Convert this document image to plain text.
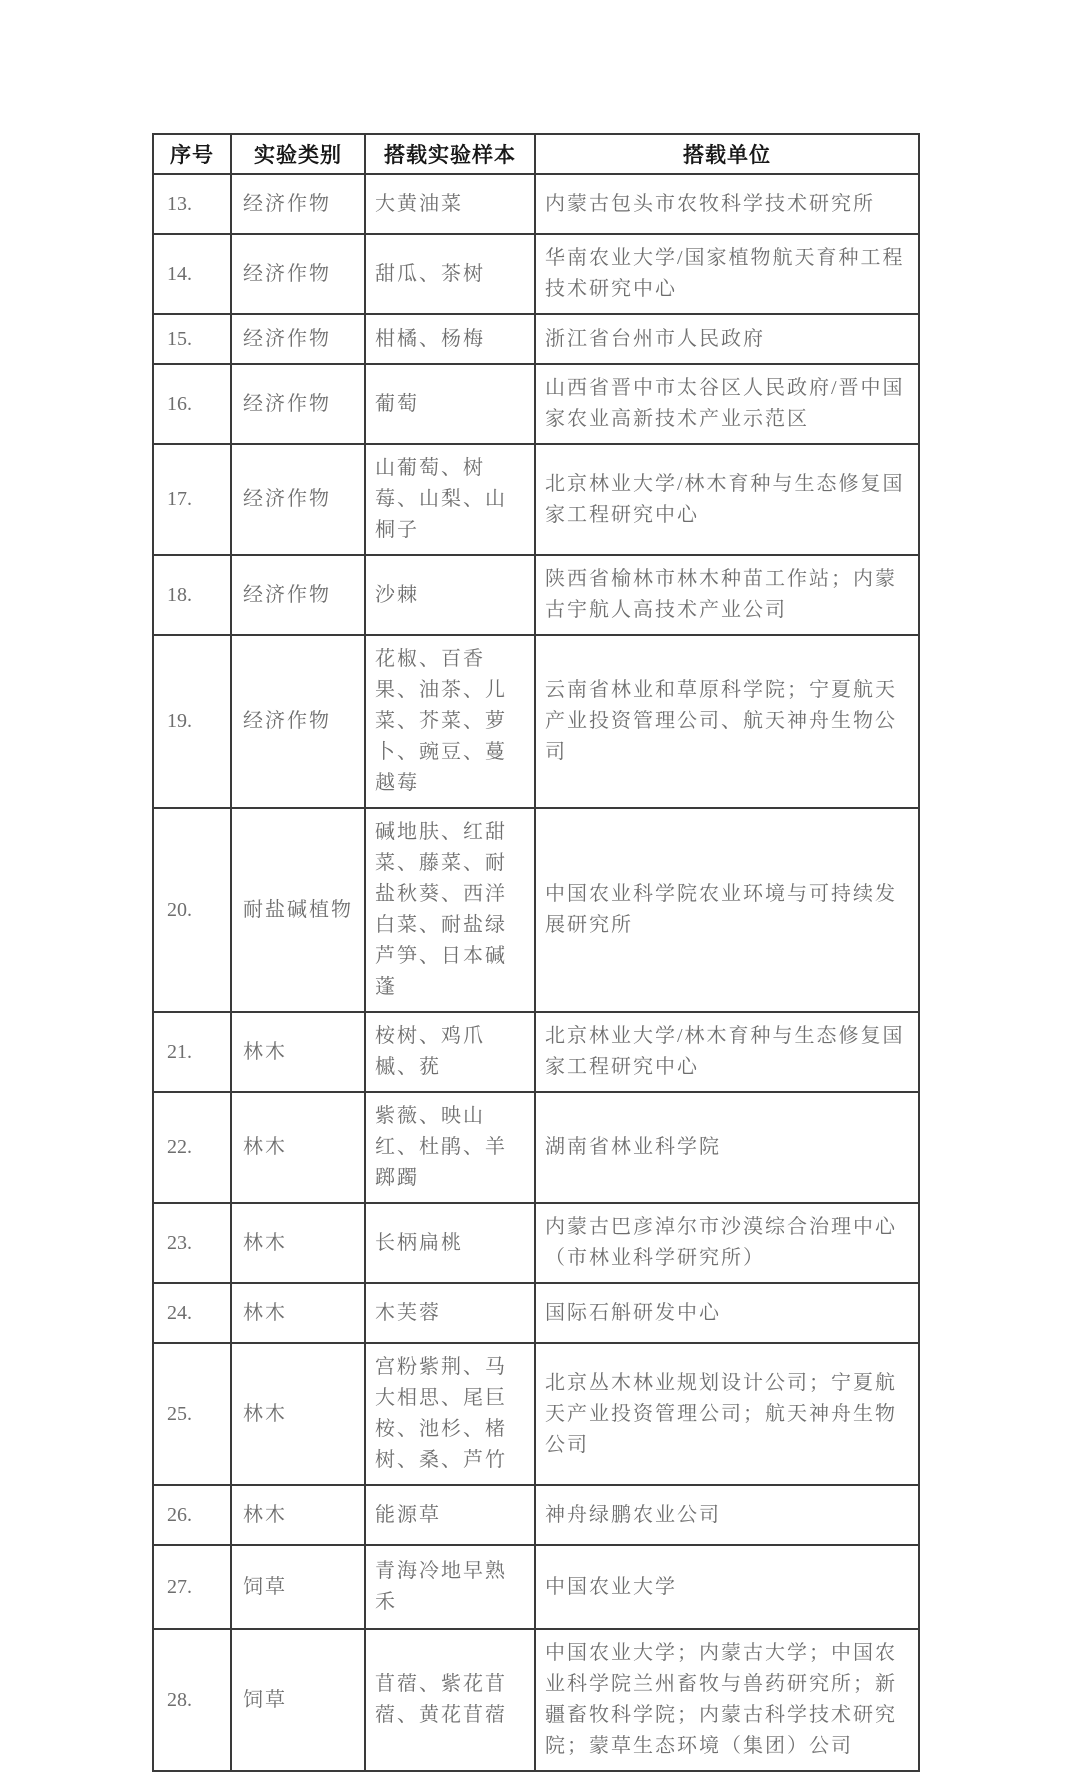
序号	实验类别	搭载实验样本	搭载单位
13.	经济作物	大黄油菜	内蒙古包头市农牧科学技术研究所
14.	经济作物	甜瓜、茶树	华南农业大学/国家植物航天育种工程技术研究中心
15.	经济作物	柑橘、杨梅	浙江省台州市人民政府
16.	经济作物	葡萄	山西省晋中市太谷区人民政府/晋中国家农业高新技术产业示范区
17.	经济作物	山葡萄、树莓、山梨、山桐子	北京林业大学/林木育种与生态修复国家工程研究中心
18.	经济作物	沙棘	陕西省榆林市林木种苗工作站；内蒙古宇航人高技术产业公司
19.	经济作物	花椒、百香果、油茶、儿菜、芥菜、萝卜、豌豆、蔓越莓	云南省林业和草原科学院；宁夏航天产业投资管理公司、航天神舟生物公司
20.	耐盐碱植物	碱地肤、红甜菜、藤菜、耐盐秋葵、西洋白菜、耐盐绿芦笋、日本碱蓬	中国农业科学院农业环境与可持续发展研究所
21.	林木	桉树、鸡爪槭、莸	北京林业大学/林木育种与生态修复国家工程研究中心
22.	林木	紫薇、映山红、杜鹃、羊踯躅	湖南省林业科学院
23.	林木	长柄扁桃	内蒙古巴彦淖尔市沙漠综合治理中心（市林业科学研究所）
24.	林木	木芙蓉	国际石斛研发中心
25.	林木	宫粉紫荆、马大相思、尾巨桉、池杉、楮树、桑、芦竹	北京丛木林业规划设计公司；宁夏航天产业投资管理公司；航天神舟生物公司
26.	林木	能源草	神舟绿鹏农业公司
27.	饲草	青海冷地早熟禾	中国农业大学
28.	饲草	苜蓿、紫花苜蓿、黄花苜蓿	中国农业大学；内蒙古大学；中国农业科学院兰州畜牧与兽药研究所；新疆畜牧科学院；内蒙古科学技术研究院；蒙草生态环境（集团）公司
